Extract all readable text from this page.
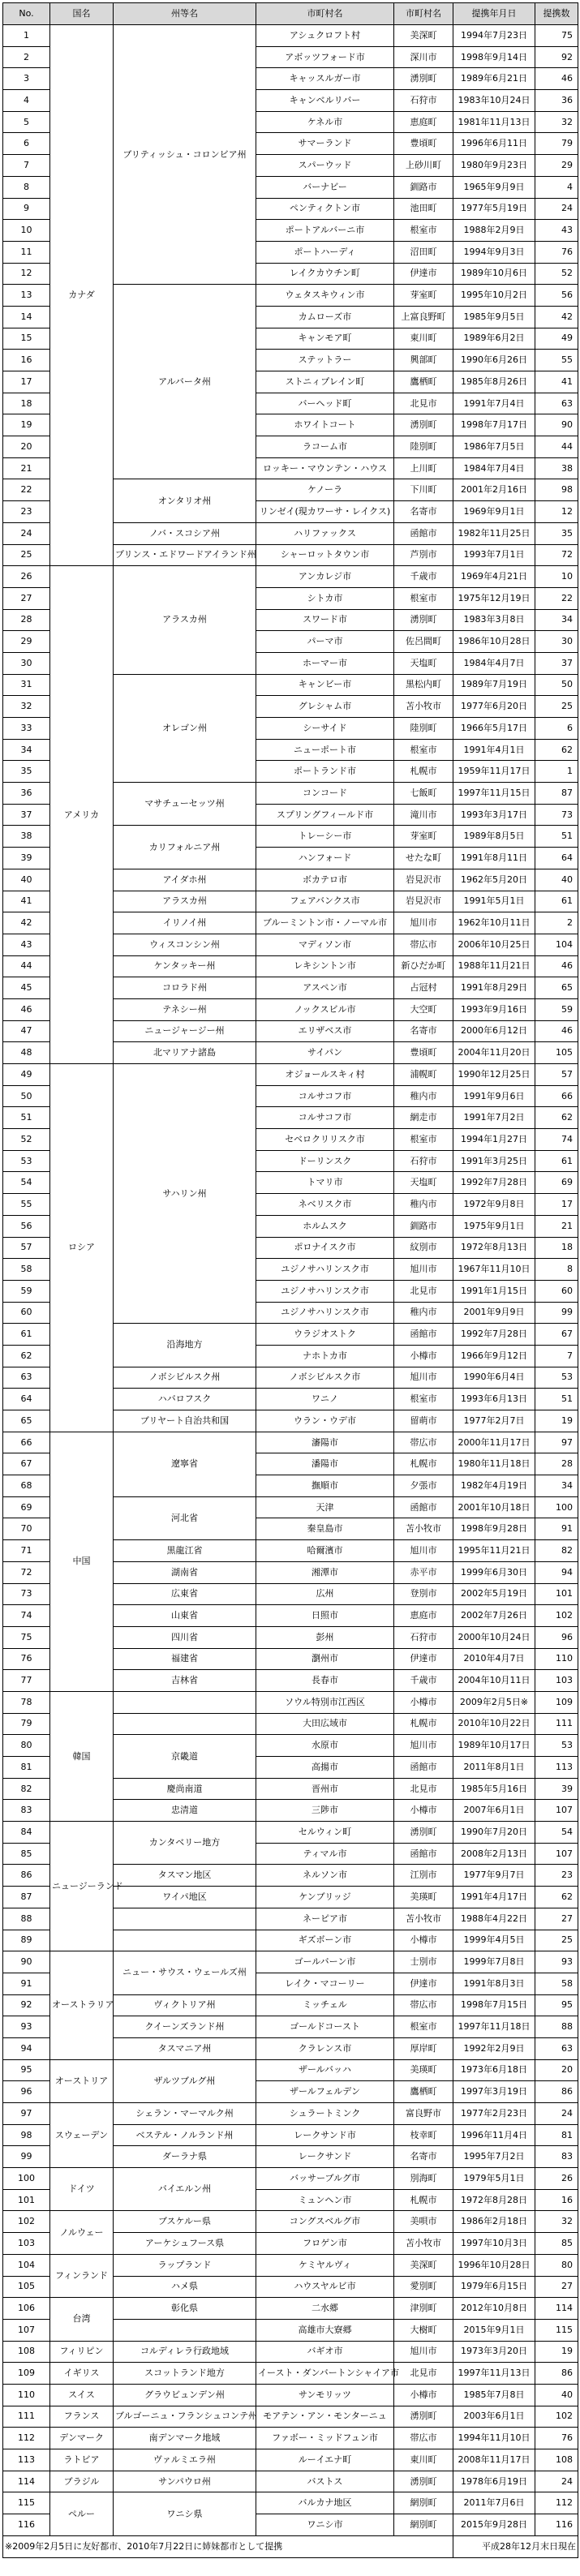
No.	国名	州等名	市町村名	市町村名	提携年月日	提携数
1	カナダ	ブリティッシュ・コロンビア州	アシュクロフト村	美深町	1994年7月23日	75
2			アボッツフォード市	深川市	1998年9月14日	92
3			キャッスルガー市	湧別町	1989年6月21日	46
4			キャンベルリバー	石狩市	1983年10月24日	36
5			ケネル市	恵庭町	1981年11月13日	32
6			サマーランド	豊頃町	1996年6月11日	79
7			スパーウッド	上砂川町	1980年9月23日	29
8			バーナビー	釧路市	1965年9月9日	4
9			ペンティクトン市	池田町	1977年5月19日	24
10			ポートアルバーニ市	根室市	1988年2月9日	43
11			ポートハーディ	沼田町	1994年9月3日	76
12			レイクカウチン町	伊達市	1989年10月6日	52
13		アルバータ州	ウェタスキウィン市	芽室町	1995年10月2日	56
14			カムローズ市	上富良野町	1985年9月5日	42
15			キャンモア町	東川町	1989年6月2日	49
16			ステットラー	興部町	1990年6月26日	55
17			ストニィプレイン町	鷹栖町	1985年8月26日	41
18			バーヘッド町	北見市	1991年7月4日	63
19			ホワイトコート	湧別町	1998年7月17日	90
20			ラコーム市	陸別町	1986年7月5日	44
21			ロッキー・マウンテン・ハウス	上川町	1984年7月4日	38
22		オンタリオ州	ケノーラ	下川町	2001年2月16日	98
23			リンゼイ(現カワーサ・レイクス)	名寄市	1969年9月1日	12
24		ノバ・スコシア州	ハリファックス	函館市	1982年11月25日	35
25		プリンス・エドワードアイランド州	シャーロットタウン市	芦別市	1993年7月1日	72
26	アメリカ	アラスカ州	アンカレジ市	千歳市	1969年4月21日	10
27			シトカ市	根室市	1975年12月19日	22
28			スワード市	湧別町	1983年3月8日	34
29			パーマ市	佐呂間町	1986年10月28日	30
30			ホーマー市	天塩町	1984年4月7日	37
31		オレゴン州	キャンビー市	黒松内町	1989年7月19日	50
32			グレシャム市	苫小牧市	1977年6月20日	25
33			シーサイド	陸別町	1966年5月17日	6
34			ニューポート市	根室市	1991年4月1日	62
35			ポートランド市	札幌市	1959年11月17日	1
36		マサチューセッツ州	コンコード	七飯町	1997年11月15日	87
37			スプリングフィールド市	滝川市	1993年3月17日	73
38		カリフォルニア州	トレーシー市	芽室町	1989年8月5日	51
39			ハンフォード	せたな町	1991年8月11日	64
40		アイダホ州	ボカテロ市	岩見沢市	1962年5月20日	40
41		アラスカ州	フェアバンクス市	岩見沢市	1991年5月1日	61
42		イリノイ州	ブルーミントン市・ノーマル市	旭川市	1962年10月11日	2
43		ウィスコンシン州	マディソン市	帯広市	2006年10月25日	104
44		ケンタッキー州	レキシントン市	新ひだか町	1988年11月21日	46
45		コロラド州	アスペン市	占冠村	1991年8月29日	65
46		テネシー州	ノックスビル市	大空町	1993年9月16日	59
47		ニュージャージー州	エリザベス市	名寄市	2000年6月12日	46
48		北マリアナ諸島	サイパン	豊頃町	2004年11月20日	105
49	ロシア	サハリン州	オジョールスキィ村	浦幌町	1990年12月25日	57
50			コルサコフ市	稚内市	1991年9月6日	66
51			コルサコフ市	網走市	1991年7月2日	62
52			セベロクリリスク市	根室市	1994年1月27日	74
53			ドーリンスク	石狩市	1991年3月25日	61
54			トマリ市	天塩町	1992年7月28日	69
55			ネベリスク市	稚内市	1972年9月8日	17
56			ホルムスク	釧路市	1975年9月1日	21
57			ポロナイスク市	紋別市	1972年8月13日	18
58			ユジノサハリンスク市	旭川市	1967年11月10日	8
59			ユジノサハリンスク市	北見市	1991年1月15日	60
60			ユジノサハリンスク市	稚内市	2001年9月9日	99
61		沿海地方	ウラジオストク	函館市	1992年7月28日	67
62			ナホトカ市	小樽市	1966年9月12日	7
63		ノボシビルスク州	ノボシビルスク市	旭川市	1990年6月4日	53
64		ハバロフスク	ワニノ	根室市	1993年6月13日	51
65		ブリヤート自治共和国	ウラン・ウデ市	留萌市	1977年2月7日	19
66	中国	遼寧省	瀋陽市	帯広市	2000年11月17日	97
67			潘陽市	札幌市	1980年11月18日	28
68			撫順市	夕張市	1982年4月19日	34
69		河北省	天津	函館市	2001年10月18日	100
70			秦皇島市	苫小牧市	1998年9月28日	91
71		黒龍江省	哈爾濱市	旭川市	1995年11月21日	82
72		湖南省	湘潭市	赤平市	1999年6月30日	94
73		広東省	広州	登別市	2002年5月19日	101
74		山東省	日照市	恵庭市	2002年7月26日	102
75		四川省	彭州	石狩市	2000年10月24日	96
76		福建省	瀏州市	伊達市	2010年4月7日	110
77		吉林省	長春市	千歳市	2004年10月11日	103
78	韓国		ソウル特別市江西区	小樽市	2009年2月5日※	109
79			大田広域市	札幌市	2010年10月22日	111
80		京畿道	水原市	旭川市	1989年10月17日	53
81			高揚市	函館市	2011年8月1日	113
82		慶尚南道	晋州市	北見市	1985年5月16日	39
83		忠清道	三陟市	小樽市	2007年6月1日	107
84	ニュージーランド	カンタベリー地方	セルウィン町	湧別町	1990年7月20日	54
85			ティマル市	函館市	2008年2月13日	107
86		タスマン地区	ネルソン市	江別市	1977年9月7日	23
87		ワイパ地区	ケンブリッジ	美瑛町	1991年4月17日	62
88			ネーピア市	苫小牧市	1988年4月22日	27
89			ギズボーン市	小樽市	1999年4月5日	25
90	オーストラリア	ニュー・サウス・ウェールズ州	ゴールバーン市	士別市	1999年7月8日	93
91			レイク・マコーリー	伊達市	1991年8月3日	58
92		ヴィクトリア州	ミッチェル	帯広市	1998年7月15日	95
93		クイーンズランド州	ゴールドコースト	根室市	1997年11月18日	88
94		タスマニア州	クラレンス市	厚岸町	1992年2月9日	63
95	オーストリア	ザルツブルグ州	ザールバッハ	美瑛町	1973年6月18日	20
96			ザールフェルデン	鷹栖町	1997年3月19日	86
97	スウェーデン	シェラン・マーマルク州	シュラートミンク	富良野市	1977年2月23日	24
98		ベステル・ノルランド州	レークサンド市	枝幸町	1996年11月4日	81
99		ダーラナ県	レークサンド	名寄市	1995年7月2日	83
100	ドイツ	バイエルン州	バッサーブルグ市	別海町	1979年5月1日	26
101			ミュンヘン市	札幌市	1972年8月28日	16
102	ノルウェー	ブスケルー県	コングスベルグ市	美唄市	1986年2月18日	32
103		アーケシュフース県	フロゲン市	苫小牧市	1997年10月3日	85
104	フィンランド	ラップランド	ケミヤルヴィ	美深町	1996年10月28日	80
105		ハメ県	ハウスヤルビ市	愛別町	1979年6月15日	27
106	台湾	彰化県	二水郷	津別町	2012年10月8日	114
107			高雄市大寮郷	大樹町	2015年9月1日	115
108	フィリピン	コルディレラ行政地域	バギオ市	旭川市	1973年3月20日	19
109	イギリス	スコットランド地方	イースト・ダンバートンシャイア市	北見市	1997年11月13日	86
110	スイス	グラウビュンデン州	サンモリッツ	小樽市	1985年7月8日	40
111	フランス	ブルゴーニュ・フランシュコンテ州	モアテン・アン・モンターニュ	湧別町	2003年6月1日	102
112	デンマーク	南デンマーク地域	ファボー・ミッドフュン市	帯広市	1994年11月10日	76
113	ラトビア	ヴァルミエラ州	ルーイエナ町	東川町	2008年11月17日	108
114	ブラジル	サンパウロ州	バストス	湧別町	1978年6月19日	24
115	ペルー	ワニシ県	バルカナ地区	網別町	2011年7月6日	112
116			ワニシ市	網別町	2015年9月28日	116
※2009年2月5日に友好都市、2010年7月22日に姉妹都市として提携					平成28年12月末日現在	
